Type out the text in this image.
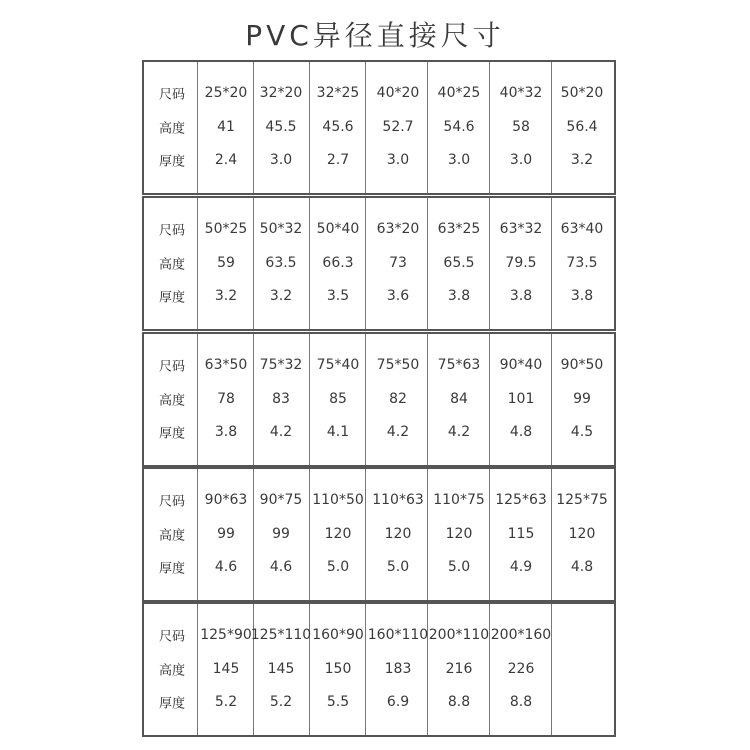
PVC异径直接尺寸
尺码 25*20 32*20 32*25 40*20 40*25 40*32 50*20
高度 41 45.5 45.6 52.7 54.6	58	56.4
厚度 2.4 3.0 2.7	3.0	3.0	3.0	3.2
尺码 50*25 50*32 50*40 63*20 63*25 63*32 63*40
高度 59 63.5 66.3	73	65.5 79.5 73.5
厚度 3.2 3.2 3.5	3.6	3.8	3.8	3.8
尺码 63*50 75*32 75*40 75*50 75*63 90*40 90*50
高度 78	83	85	82	84	101	99
厚度 3.8 4.2 4.1	4.2	4.2	4.8	4.5
尺码 90*63 90*75 110*50 110*63 110*75 125*63 125*75
高度 99	99 120 120 120	115 120
厚度 4.6 4.6 5.0	5.0	5.0	4.9	4.8
尺码 125*90 125*110 160*90 160*110 200*110 200*160
高度 145 145 150 183 216	226
厚度 5.2 5.2 5.5	6.9	8.8	8.8
